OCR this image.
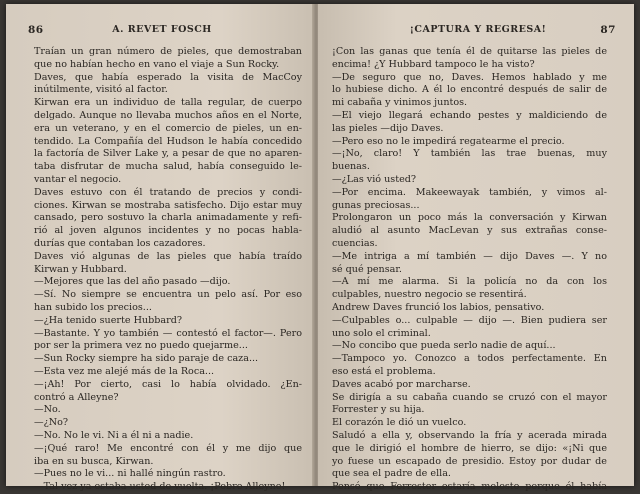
86	A. REVET FOSCH
Traían un gran número de pieles, que demostraban
que no habían hecho en vano el viaje a Sun Rocky.
Daves, que había esperado la visita de MacCoy
inútilmente, visitó al factor.
Kirwan era un individuo de talla regular, de cuerpo
delgado. Aunque no llevaba muchos años en el Norte,
era un veterano, y en el comercio de pieles, un en-
tendido. La Compañía del Hudson le había concedido
la factoría de Silver Lake y, a pesar de que no aparen-
taba disfrutar de mucha salud, había conseguido le-
vantar el negocio.
Daves estuvo con él tratando de precios y condi-
ciones. Kirwan se mostraba satisfecho. Dijo estar muy
cansado, pero sostuvo la charla animadamente y refi-
rió al joven algunos incidentes y no pocas habla-
durías que contaban los cazadores.
Daves vió algunas de las pieles que había traído
Kirwan y Hubbard.
—Mejores que las del año pasado —dijo.
—Sí. No siempre se encuentra un pelo así. Por eso
han subido los precios...
—¿Ha tenido suerte Hubbard?
—Bastante. Y yo también — contestó el factor—. Pero
por ser la primera vez no puedo quejarme...
—Sun Rocky siempre ha sido paraje de caza...
—Esta vez me alejé más de la Roca...
—¡Ah! Por cierto, casi lo había olvidado. ¿En-
contró a Alleyne?
—No.
—¿No?
—No. No le vi. Ni a él ni a nadie.
—¡Qué raro! Me encontré con él y me dijo que
iba en su busca, Kirwan.
—Pues no le vi... ni hallé ningún rastro.
—Tal vez ya estaba usted de vuelta. ¡Pobre Alleyne!
¡CAPTURA Y REGRESA!	87
¡Con las ganas que tenía él de quitarse las pieles de
encima! ¿Y Hubbard tampoco le ha visto?
—De seguro que no, Daves. Hemos hablado y me
lo hubiese dicho. A él lo encontré después de salir de
mi cabaña y vinimos juntos.
—El viejo llegará echando pestes y maldiciendo de
las pieles —dijo Daves.
—Pero eso no le impedirá regatearme el precio.
—¡No, claro! Y también las trae buenas, muy
buenas.
—¿Las vió usted?
—Por encima. Makeewayak también, y vimos al-
gunas preciosas...
Prolongaron un poco más la conversación y Kirwan
aludió al asunto MacLevan y sus extrañas conse-
cuencias.
—Me intriga a mí también — dijo Daves —. Y no
sé qué pensar.
—A mí me alarma. Si la policía no da con los
culpables, nuestro negocio se resentirá.
Andrew Daves frunció los labios, pensativo.
—Culpables o... culpable — dijo —. Bien pudiera ser
uno solo el criminal.
—No concibo que pueda serlo nadie de aquí...
—Tampoco yo. Conozco a todos perfectamente. En
eso está el problema.
Daves acabó por marcharse.
Se dirigía a su cabaña cuando se cruzó con el mayor
Forrester y su hija.
El corazón le dió un vuelco.
Saludó a ella y, observando la fría y acerada mirada
que le dirigió el hombre de hierro, se dijo: «¡Ni que
yo fuese un escapado de presidio. Estoy por dudar de
que sea el padre de ella.
Pensó que Forrester estaría molesto porque él había
